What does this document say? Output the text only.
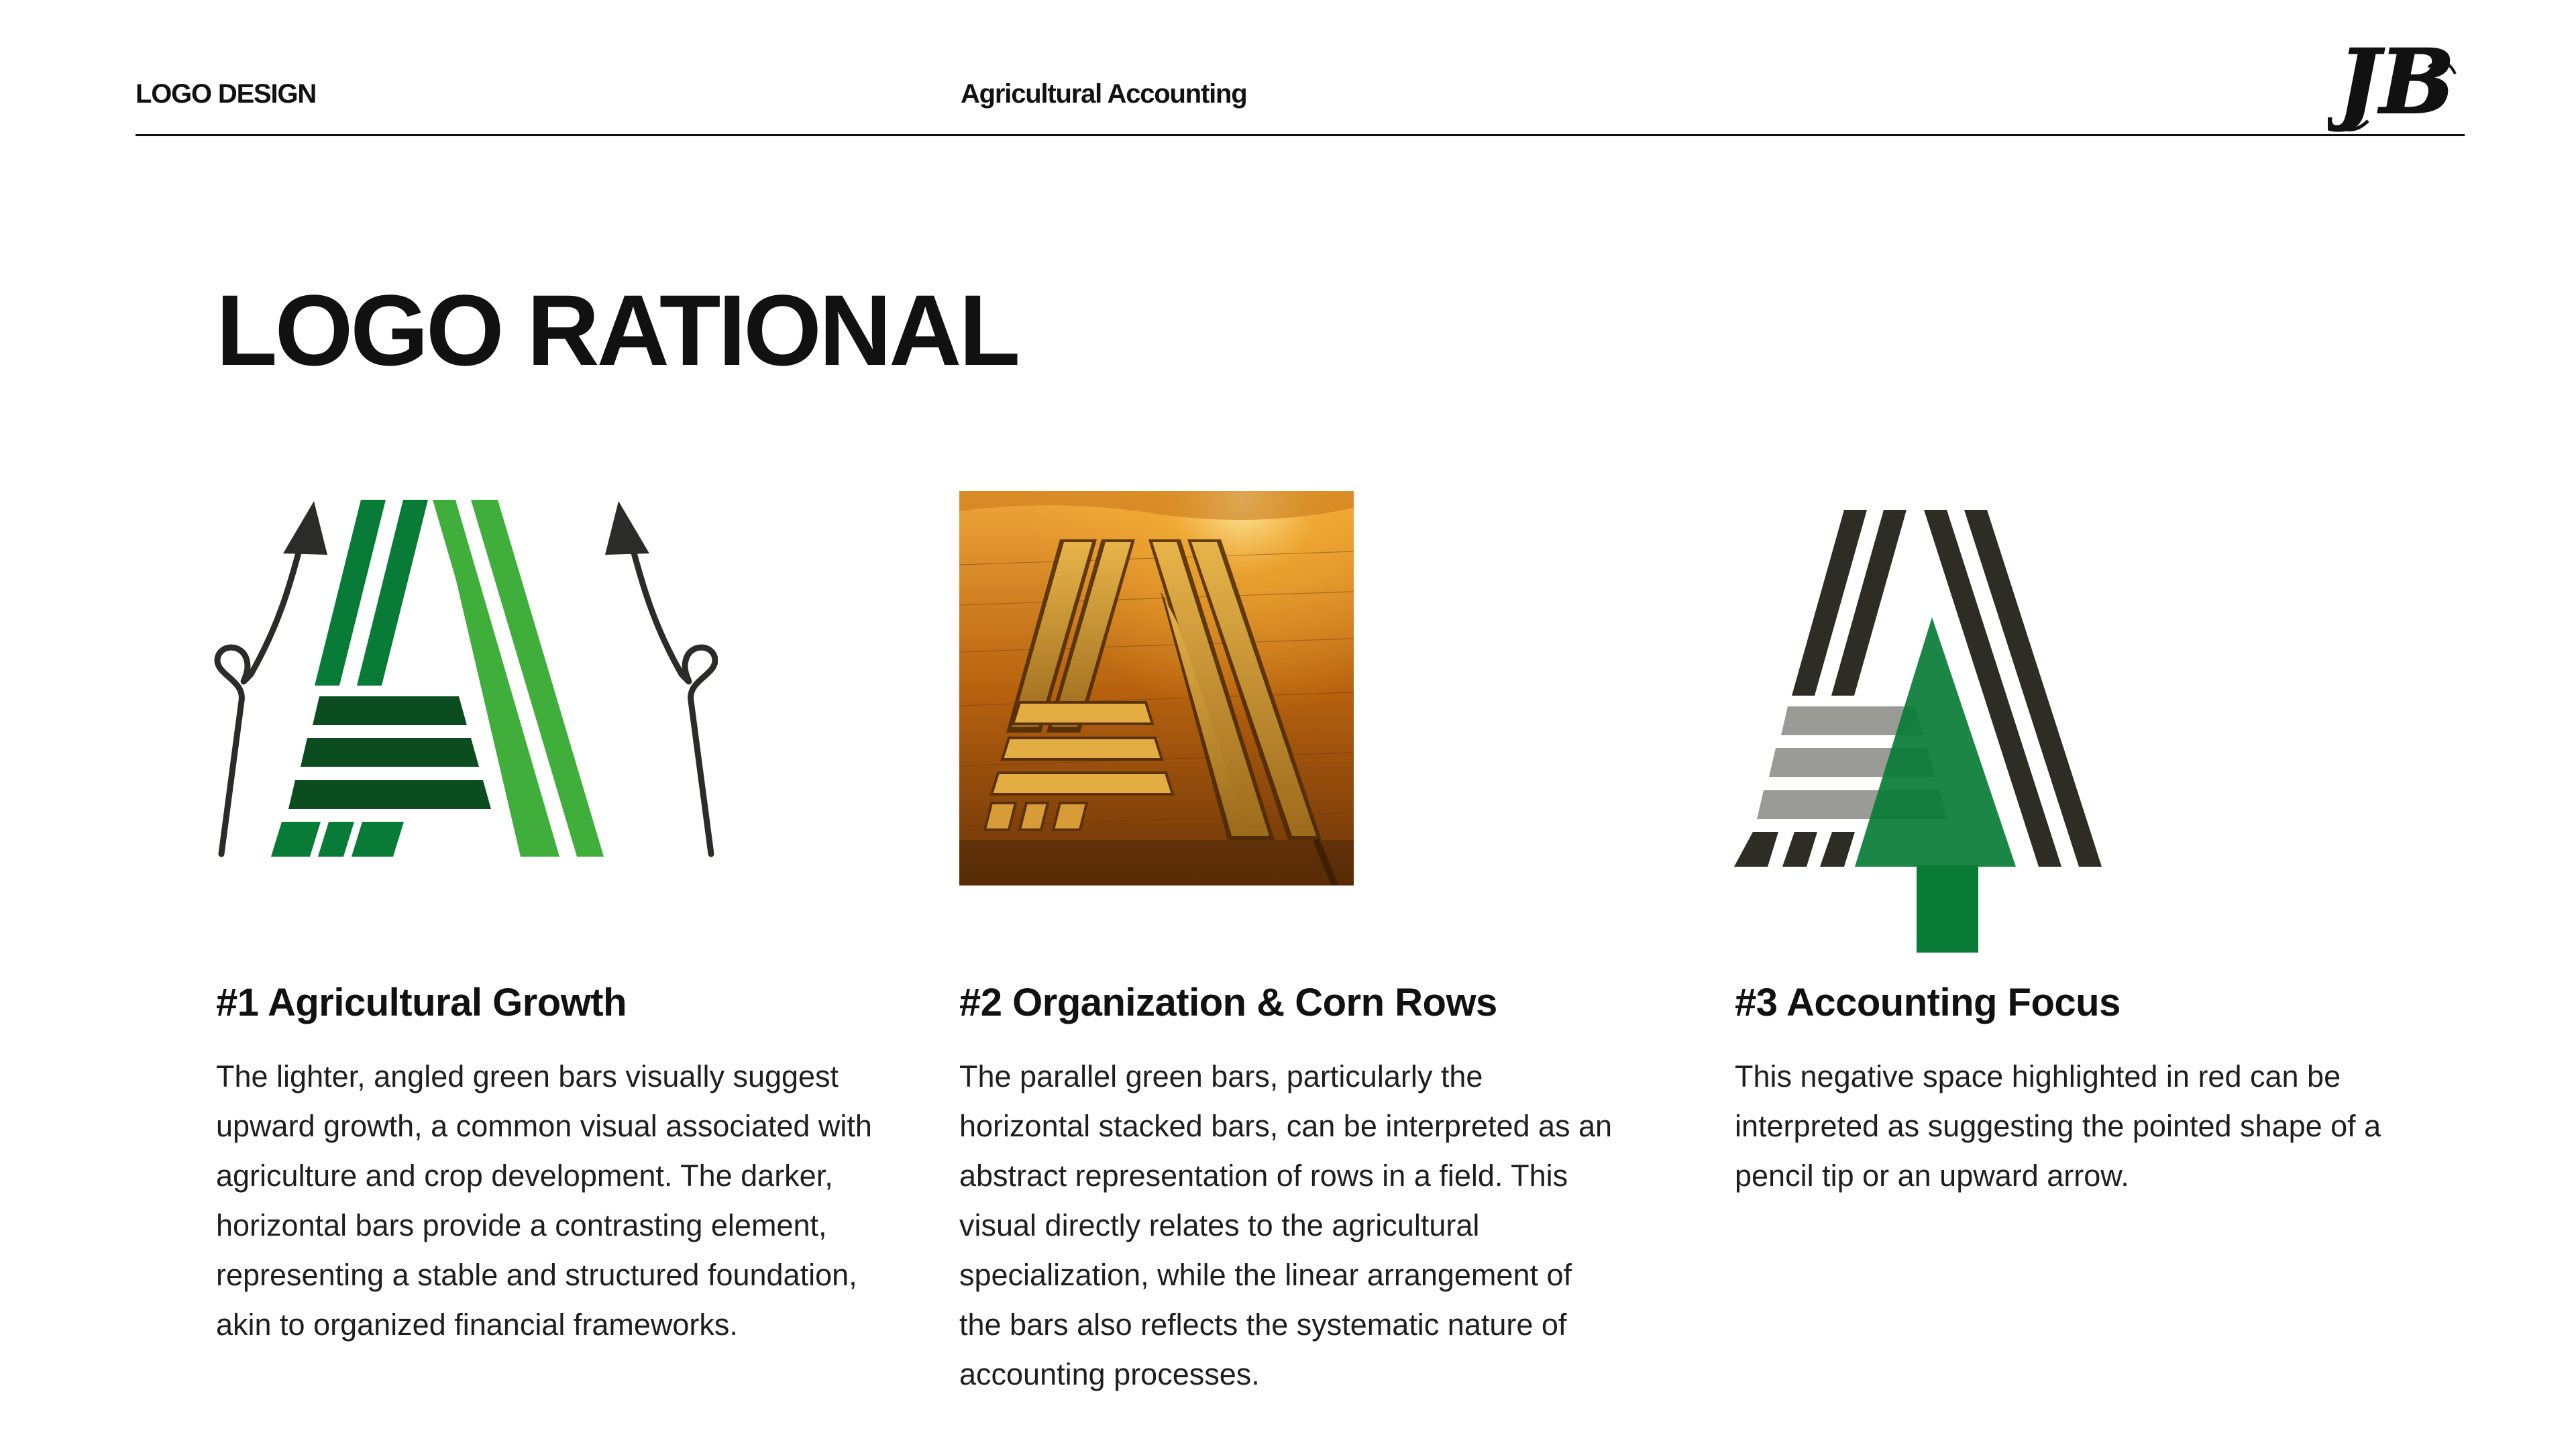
LOGO DESIGN	Agricultural Accounting	JB
LOGO RATIONAL
#1 Agricultural Growth

The lighter, angled green bars visually suggest upward growth, a common visual associated with agriculture and crop development. The darker, horizontal bars provide a contrasting element, representing a stable and structured foundation, akin to organized financial frameworks.

#2 Organization & Corn Rows

The parallel green bars, particularly the horizontal stacked bars, can be interpreted as an abstract representation of rows in a field. This visual directly relates to the agricultural specialization, while the linear arrangement of the bars also reflects the systematic nature of accounting processes.

#3 Accounting Focus

This negative space highlighted in red can be interpreted as suggesting the pointed shape of a pencil tip or an upward arrow.
